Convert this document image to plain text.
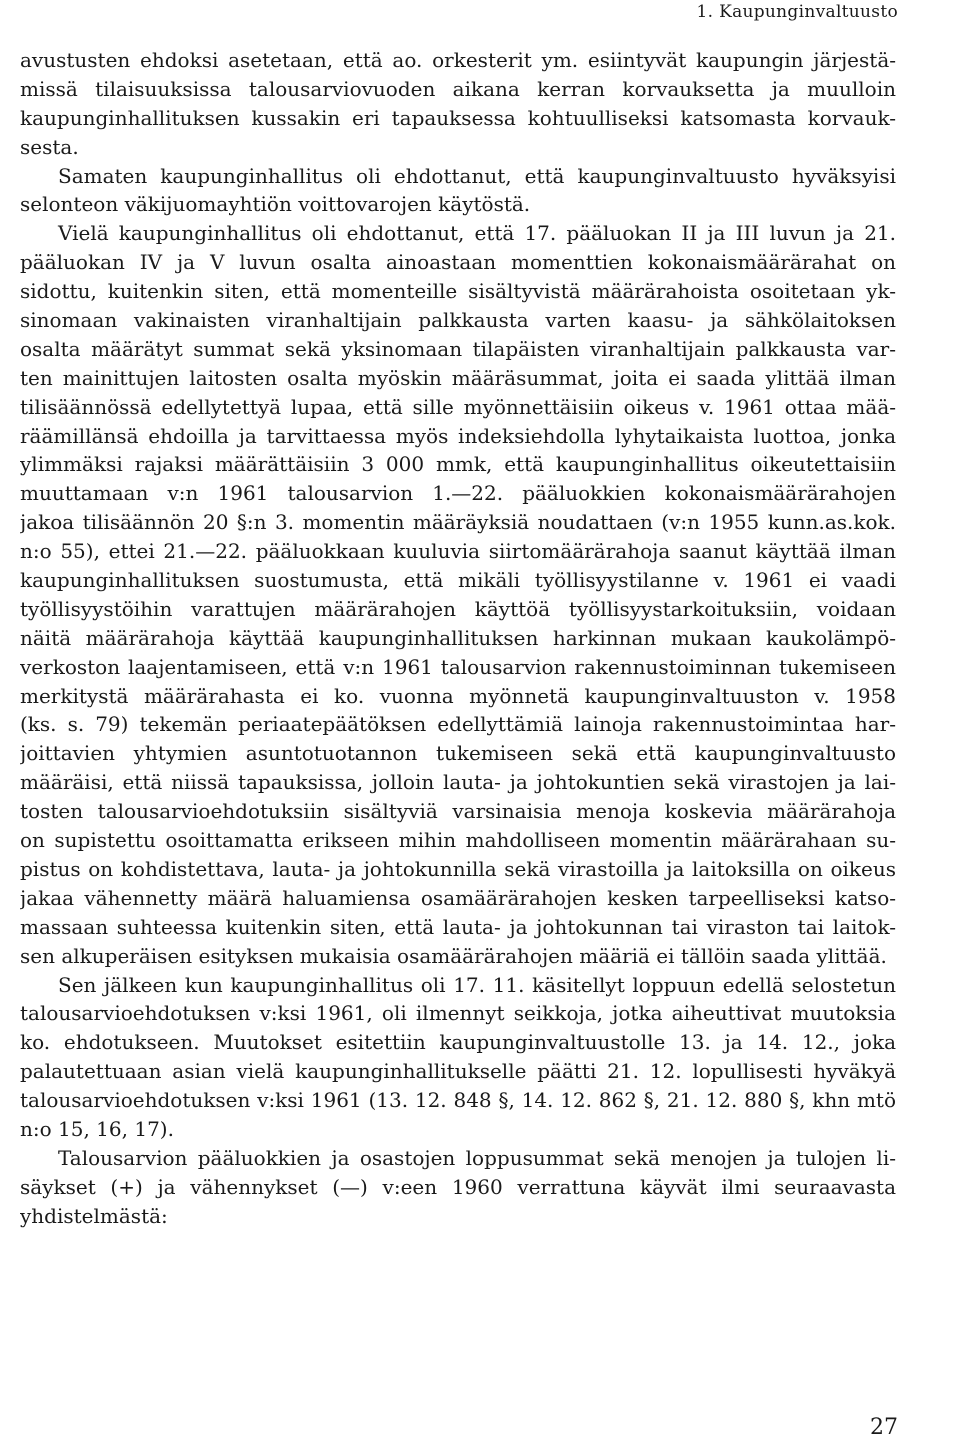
1. Kaupunginvaltuusto
avustusten ehdoksi asetetaan, että ao. orkesterit ym. esiintyvät kaupungin järjestä-
missä tilaisuuksissa talousarviovuoden aikana kerran korvauksetta ja muulloin
kaupunginhallituksen kussakin eri tapauksessa kohtuulliseksi katsomasta korvauk-
sesta.
Samaten kaupunginhallitus oli ehdottanut, että kaupunginvaltuusto hyväksyisi
selonteon väkijuomayhtiön voittovarojen käytöstä.
Vielä kaupunginhallitus oli ehdottanut, että 17. pääluokan II ja III luvun ja 21.
pääluokan IV ja V luvun osalta ainoastaan momenttien kokonaismäärärahat on
sidottu, kuitenkin siten, että momenteille sisältyvistä määrärahoista osoitetaan yk-
sinomaan vakinaisten viranhaltijain palkkausta varten kaasu- ja sähkölaitoksen
osalta määrätyt summat sekä yksinomaan tilapäisten viranhaltijain palkkausta var-
ten mainittujen laitosten osalta myöskin määräsummat, joita ei saada ylittää ilman
tilisäännössä edellytettyä lupaa, että sille myönnettäisiin oikeus v. 1961 ottaa mää-
räämillänsä ehdoilla ja tarvittaessa myös indeksiehdolla lyhytaikaista luottoa, jonka
ylimmäksi rajaksi määrättäisiin 3 000 mmk, että kaupunginhallitus oikeutettaisiin
muuttamaan v:n 1961 talousarvion 1.—22. pääluokkien kokonaismäärärahojen
jakoa tilisäännön 20 §:n 3. momentin määräyksiä noudattaen (v:n 1955 kunn.as.kok.
n:o 55), ettei 21.—22. pääluokkaan kuuluvia siirtomäärärahoja saanut käyttää ilman
kaupunginhallituksen suostumusta, että mikäli työllisyystilanne v. 1961 ei vaadi
työllisyystöihin varattujen määrärahojen käyttöä työllisyystarkoituksiin, voidaan
näitä määrärahoja käyttää kaupunginhallituksen harkinnan mukaan kaukolämpö-
verkoston laajentamiseen, että v:n 1961 talousarvion rakennustoiminnan tukemiseen
merkitystä määrärahasta ei ko. vuonna myönnetä kaupunginvaltuuston v. 1958
(ks. s. 79) tekemän periaatepäätöksen edellyttämiä lainoja rakennustoimintaa har-
joittavien yhtymien asuntotuotannon tukemiseen sekä että kaupunginvaltuusto
määräisi, että niissä tapauksissa, jolloin lauta- ja johtokuntien sekä virastojen ja lai-
tosten talousarvioehdotuksiin sisältyviä varsinaisia menoja koskevia määrärahoja
on supistettu osoittamatta erikseen mihin mahdolliseen momentin määrärahaan su-
pistus on kohdistettava, lauta- ja johtokunnilla sekä virastoilla ja laitoksilla on oikeus
jakaa vähennetty määrä haluamiensa osamäärärahojen kesken tarpeelliseksi katso-
massaan suhteessa kuitenkin siten, että lauta- ja johtokunnan tai viraston tai laitok-
sen alkuperäisen esityksen mukaisia osamäärärahojen määriä ei tällöin saada ylittää.
Sen jälkeen kun kaupunginhallitus oli 17. 11. käsitellyt loppuun edellä selostetun
talousarvioehdotuksen v:ksi 1961, oli ilmennyt seikkoja, jotka aiheuttivat muutoksia
ko. ehdotukseen. Muutokset esitettiin kaupunginvaltuustolle 13. ja 14. 12., joka
palautettuaan asian vielä kaupunginhallitukselle päätti 21. 12. lopullisesti hyväkyä
talousarvioehdotuksen v:ksi 1961 (13. 12. 848 §, 14. 12. 862 §, 21. 12. 880 §, khn mtö
n:o 15, 16, 17).
Talousarvion pääluokkien ja osastojen loppusummat sekä menojen ja tulojen li-
säykset (+) ja vähennykset (—) v:een 1960 verrattuna käyvät ilmi seuraavasta
yhdistelmästä:
27
